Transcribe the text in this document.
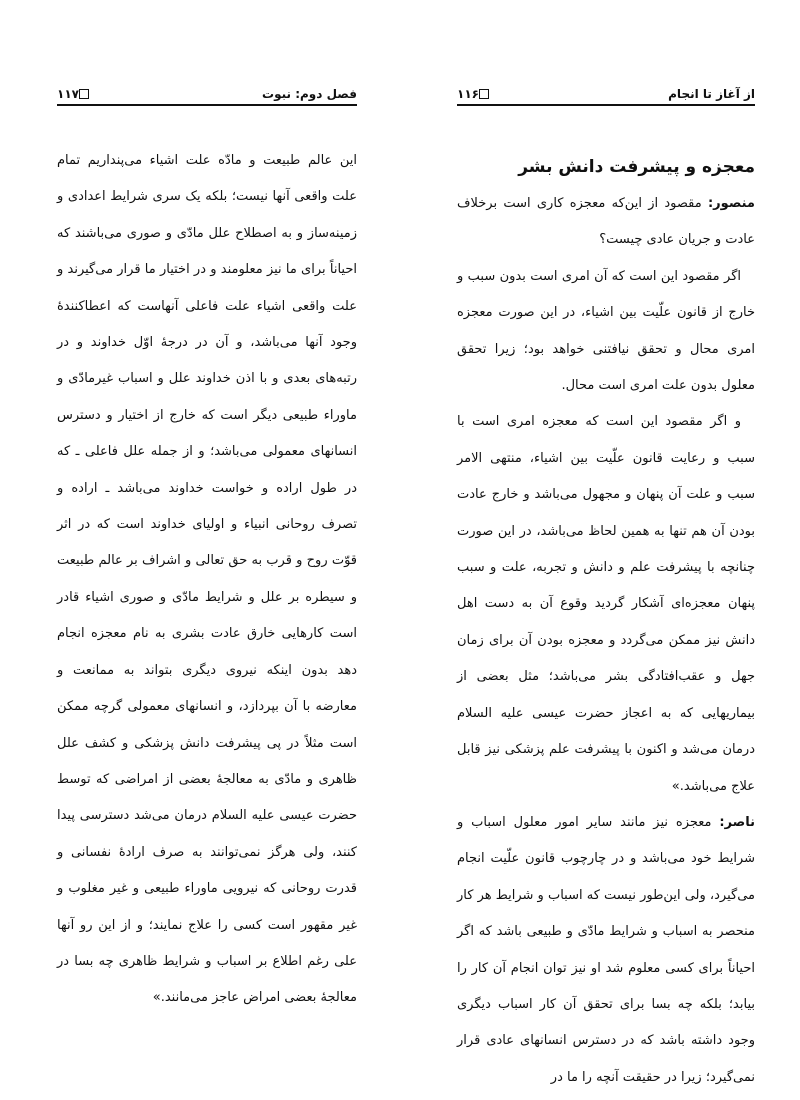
فصل دوم: نبوت
۱۱۷

این عالم طبیعت و مادّه علت اشیاء می‌پنداریم تمام علت واقعی آنها نیست؛ بلکه یک سری شرایط اعدادی و زمینه‌ساز و به اصطلاح علل مادّی و صوری می‌باشند که احیاناً برای ما نیز معلومند و در اختیار ما قرار می‌گیرند و علت واقعی اشیاء علت فاعلی آنهاست که اعطاکنندهٔ وجود آنها می‌باشد، و آن در درجهٔ اوّل خداوند و در رتبه‌های بعدی و با اذن خداوند علل و اسباب غیرمادّی و ماوراء طبیعی دیگر است که خارج از اختیار و دسترس انسانهای معمولی می‌باشد؛ و از جمله علل فاعلی ـ که در طول اراده و خواست خداوند می‌باشد ـ اراده و تصرف روحانی انبیاء و اولیای خداوند است که در اثر قوّت روح و قرب به حق تعالی و اشراف بر عالم طبیعت و سیطره بر علل و شرایط مادّی و صوری اشیاء قادر است کارهایی خارق عادت بشری به نام معجزه انجام دهد بدون اینکه نیروی دیگری بتواند به ممانعت و معارضه با آن بپردازد، و انسانهای معمولی گرچه ممکن است مثلاً در پی پیشرفت دانش پزشکی و کشف علل ظاهری و مادّی به معالجهٔ بعضی از امراضی که توسط حضرت عیسی عليه السلام درمان می‌شد دسترسی پیدا کنند، ولی هرگز نمی‌توانند به صرف ارادهٔ نفسانی و قدرت روحانی که نیرویی ماوراء طبیعی و غیر مغلوب و غیر مقهور است کسی را علاج نمایند؛ و از این رو آنها علی رغم اطلاع بر اسباب و شرایط ظاهری چه بسا در معالجهٔ بعضی امراض عاجز می‌مانند.»

از آغاز تا انجام
۱۱۶
معجزه و پیشرفت دانش بشر

منصور: مقصود از این‌که معجزه کاری است برخلاف عادت و جریان عادی چیست؟

اگر مقصود این است که آن امری است بدون سبب و خارج از قانون علّیت بین اشیاء، در این صورت معجزه امری محال و تحقق نیافتنی خواهد بود؛ زیرا تحقق معلول بدون علت امری است محال.

و اگر مقصود این است که معجزه امری است با سبب و رعایت قانون علّیت بین اشیاء، منتهی الامر سبب و علت آن پنهان و مجهول می‌باشد و خارج عادت بودن آن هم تنها به همین لحاظ می‌باشد، در این صورت چنانچه با پیشرفت علم و دانش و تجربه، علت و سبب پنهان معجزه‌ای آشکار گردید وقوع آن به دست اهل دانش نیز ممکن می‌گردد و معجزه بودن آن برای زمان جهل و عقب‌افتادگی بشر می‌باشد؛ مثل بعضی از بیماریهایی که به اعجاز حضرت عیسی عليه السلام درمان می‌شد و اکنون با پیشرفت علم پزشکی نیز قابل علاج می‌باشد.»

ناصر: معجزه نیز مانند سایر امور معلول اسباب و شرایط خود می‌باشد و در چارچوب قانون علّیت انجام می‌گیرد، ولی این‌طور نیست که اسباب و شرایط هر کار منحصر به اسباب و شرایط مادّی و طبیعی باشد که اگر احیاناً برای کسی معلوم شد او نیز توان انجام آن کار را بیابد؛ بلکه چه بسا برای تحقق آن کار اسباب دیگری وجود داشته باشد که در دسترس انسانهای عادی قرار نمی‌گیرد؛ زیرا در حقیقت آنچه را ما در
